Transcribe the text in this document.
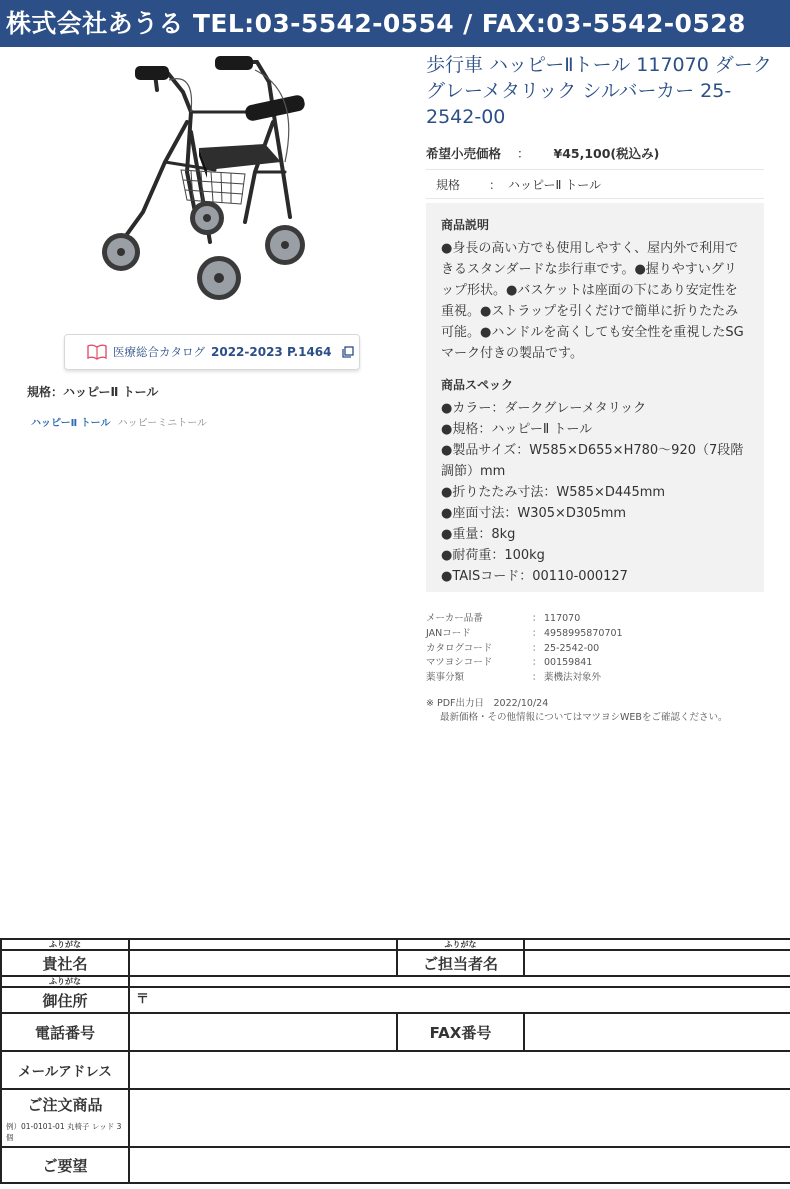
株式会社あうる TEL:03-5542-0554 / FAX:03-5542-0528
医療総合カタログ 2022-2023 P.1464
規格：ハッピーⅡ トール
ハッピーⅡ トール ハッピーミニトール
歩行車 ハッピーⅡトール 117070 ダークグレーメタリック シルバーカー 25-2542-00
希望小売価格 ： ¥45,100(税込み)
規格 ： ハッピーⅡ トール
商品説明

●身長の高い方でも使用しやすく、屋内外で利用できるスタンダードな歩行車です。●握りやすいグリップ形状。●バスケットは座面の下にあり安定性を重視。●ストラップを引くだけで簡単に折りたたみ可能。●ハンドルを高くしても安全性を重視したSGマーク付きの製品です。

商品スペック

●カラー：ダークグレーメタリック

●規格：ハッピーⅡ トール

●製品サイズ：W585×D655×H780～920（7段階調節）mm

●折りたたみ寸法：W585×D445mm

●座面寸法：W305×D305mm

●重量：8kg

●耐荷重：100kg

●TAISコード：00110-000127

メーカー品番	： 117070
JANコード	： 4958995870701
カタログコード	： 25-2542-00
マツヨシコード	： 00159841
薬事分類	： 薬機法対象外
※ PDF出力日　2022/10/24
最新価格・その他情報についてはマツヨシWEBをご確認ください。
ふりがな		ふりがな	
貴社名		ご担当者名	
ふりがな			
御住所	〒		
電話番号		FAX番号	
メールアドレス			

ご注文商品
例）01-0101-01 丸椅子 レッド 3個			

ご要望			
